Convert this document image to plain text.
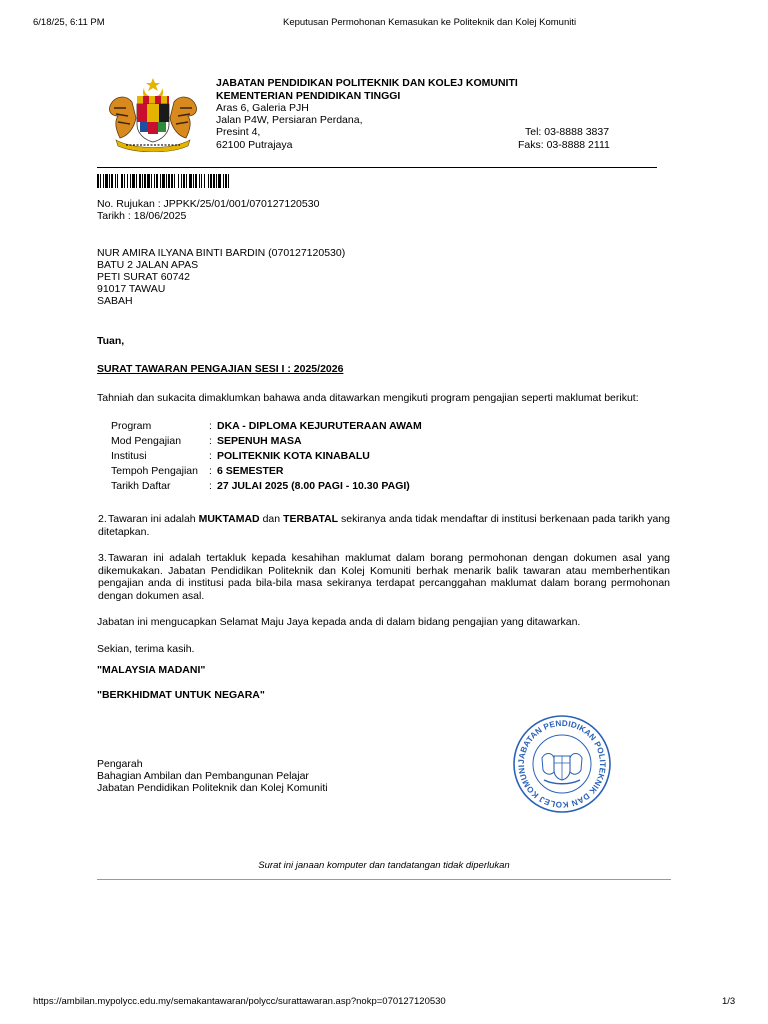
6/18/25, 6:11 PM	Keputusan Permohonan Kemasukan ke Politeknik dan Kolej Komuniti
JABATAN PENDIDIKAN POLITEKNIK DAN KOLEJ KOMUNITI
KEMENTERIAN PENDIDIKAN TINGGI
Aras 6, Galeria PJH
Jalan P4W, Persiaran Perdana,
Presint 4,
62100 Putrajaya
Tel: 03-8888 3837
Faks: 03-8888 2111
No. Rujukan : JPPKK/25/01/001/070127120530
Tarikh : 18/06/2025
NUR AMIRA ILYANA BINTI BARDIN (070127120530)
BATU 2 JALAN APAS
PETI SURAT 60742
91017 TAWAU
SABAH
Tuan,
SURAT TAWARAN PENGAJIAN SESI I : 2025/2026
Tahniah dan sukacita dimaklumkan bahawa anda ditawarkan mengikuti program pengajian seperti maklumat berikut:
Program	:	DKA - DIPLOMA KEJURUTERAAN AWAM
Mod Pengajian	:	SEPENUH MASA
Institusi	:	POLITEKNIK KOTA KINABALU
Tempoh Pengajian	:	6 SEMESTER
Tarikh Daftar	:	27 JULAI 2025 (8.00 PAGI - 10.30 PAGI)
2.Tawaran ini adalah MUKTAMAD dan TERBATAL sekiranya anda tidak mendaftar di institusi berkenaan pada tarikh yang ditetapkan.
3.Tawaran ini adalah tertakluk kepada kesahihan maklumat dalam borang permohonan dengan dokumen asal yang dikemukakan. Jabatan Pendidikan Politeknik dan Kolej Komuniti berhak menarik balik tawaran atau memberhentikan pengajian anda di institusi pada bila-bila masa sekiranya terdapat percanggahan maklumat dalam borang permohonan dengan dokumen asal.
Jabatan ini mengucapkan Selamat Maju Jaya kepada anda di dalam bidang pengajian yang ditawarkan.
Sekian, terima kasih.
"MALAYSIA MADANI"
"BERKHIDMAT UNTUK NEGARA"
JABATAN PENDIDIKAN POLITEKNIK DAN KOLEJ KOMUNI
Pengarah
Bahagian Ambilan dan Pembangunan Pelajar
Jabatan Pendidikan Politeknik dan Kolej Komuniti
Surat ini janaan komputer dan tandatangan tidak diperlukan
https://ambilan.mypolycc.edu.my/semakantawaran/polycc/surattawaran.asp?nokp=070127120530	1/3
